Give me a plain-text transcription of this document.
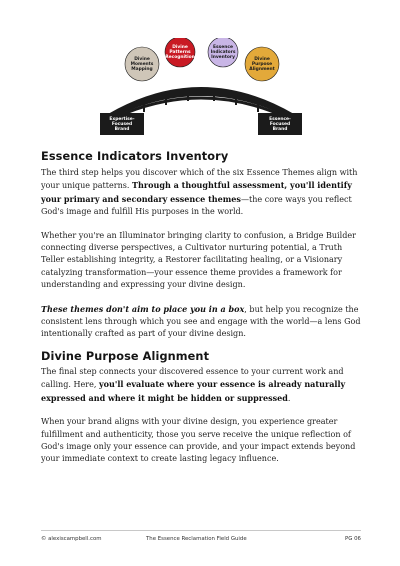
Divine
Moments
Mapping
Divine
Patterns
Recognition
Essence
Indicators
Inventory	Divine
Purpose
Alignment
Expertise-
Focused
Brand
Essence-
Focused
Brand
Essence Indicators Inventory

The third step helps you discover which of the six Essence Themes align with your unique patterns. Through a thoughtful assessment, you'll identify your primary and secondary essence themes—the core ways you reflect God's image and fulfill His purposes in the world.

Whether you're an Illuminator bringing clarity to confusion, a Bridge Builder connecting diverse perspectives, a Cultivator nurturing potential, a Truth Teller establishing integrity, a Restorer facilitating healing, or a Visionary catalyzing transformation—your essence theme provides a framework for understanding and expressing your divine design.

These themes don't aim to place you in a box, but help you recognize the consistent lens through which you see and engage with the world—a lens God intentionally crafted as part of your divine design.

Divine Purpose Alignment

The final step connects your discovered essence to your current work and calling. Here, you'll evaluate where your essence is already naturally expressed and where it might be hidden or suppressed.

When your brand aligns with your divine design, you experience greater fulfillment and authenticity, those you serve receive the unique reflection of God's image only your essence can provide, and your impact extends beyond your immediate context to create lasting legacy influence.

© alexiscampbell.com	The Essence Reclamation Field Guide	PG 06
